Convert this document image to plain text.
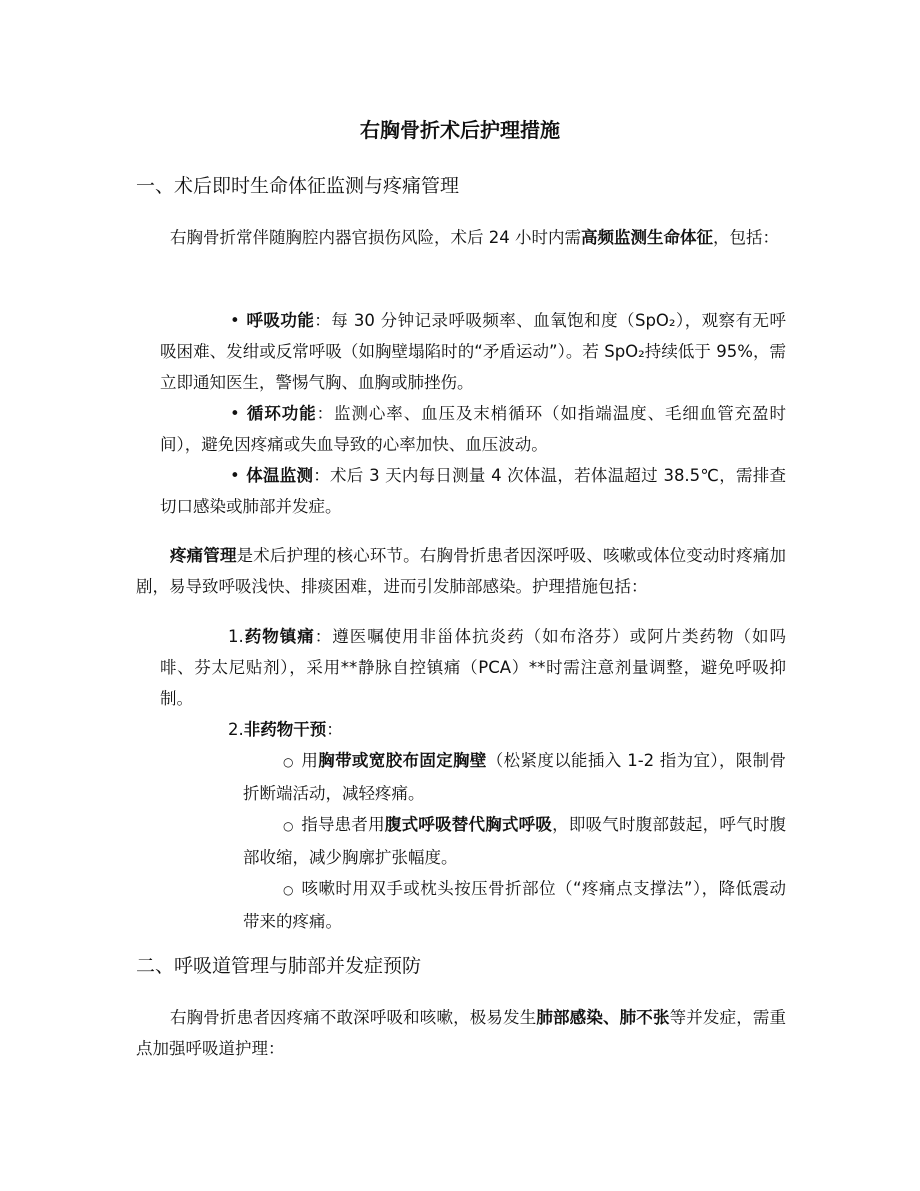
右胸骨折术后护理措施
一、术后即时生命体征监测与疼痛管理
右胸骨折常伴随胸腔内器官损伤风险，术后 24 小时内需高频监测生命体征，包括：
• 呼吸功能：每 30 分钟记录呼吸频率、血氧饱和度（SpO₂），观察有无呼吸困难、发绀或反常呼吸（如胸壁塌陷时的“矛盾运动”）。若 SpO₂持续低于 95%，需立即通知医生，警惕气胸、血胸或肺挫伤。
• 循环功能：监测心率、血压及末梢循环（如指端温度、毛细血管充盈时间），避免因疼痛或失血导致的心率加快、血压波动。
• 体温监测：术后 3 天内每日测量 4 次体温，若体温超过 38.5℃，需排查切口感染或肺部并发症。
疼痛管理是术后护理的核心环节。右胸骨折患者因深呼吸、咳嗽或体位变动时疼痛加剧，易导致呼吸浅快、排痰困难，进而引发肺部感染。护理措施包括：
1.药物镇痛：遵医嘱使用非甾体抗炎药（如布洛芬）或阿片类药物（如吗啡、芬太尼贴剂），采用**静脉自控镇痛（PCA）**时需注意剂量调整，避免呼吸抑制。
2.非药物干预：
○ 用胸带或宽胶布固定胸壁（松紧度以能插入 1-2 指为宜），限制骨折断端活动，减轻疼痛。
○ 指导患者用腹式呼吸替代胸式呼吸，即吸气时腹部鼓起，呼气时腹部收缩，减少胸廓扩张幅度。
○ 咳嗽时用双手或枕头按压骨折部位（“疼痛点支撑法”），降低震动带来的疼痛。
二、呼吸道管理与肺部并发症预防
右胸骨折患者因疼痛不敢深呼吸和咳嗽，极易发生肺部感染、肺不张等并发症，需重点加强呼吸道护理：
